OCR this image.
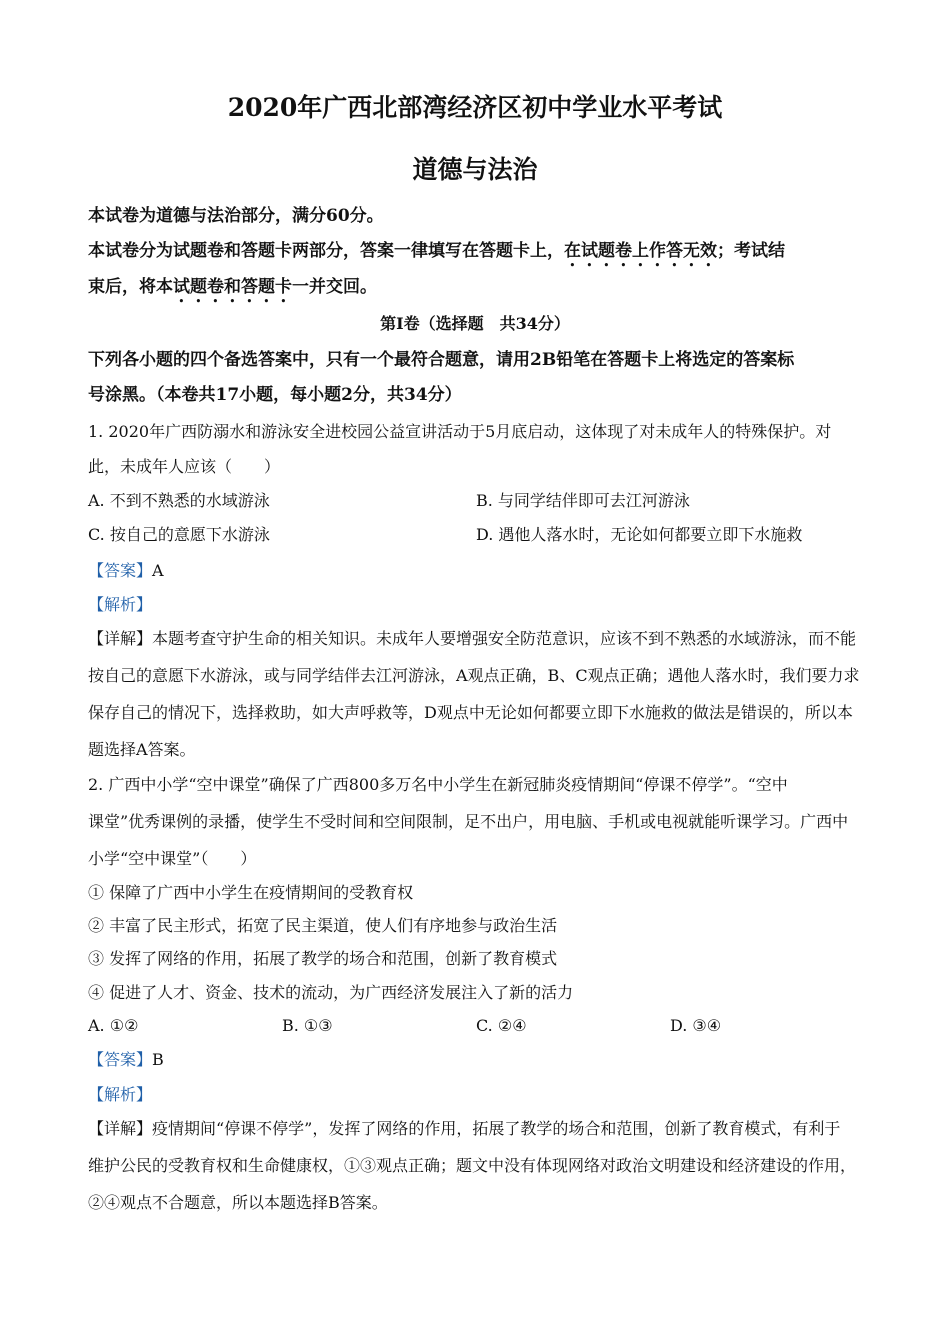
2020年广西北部湾经济区初中学业水平考试
道德与法治
本试卷为道德与法治部分，满分60分。
本试卷分为试题卷和答题卡两部分，答案一律填写在答题卡上，在试题卷上作答无效；考试结
束后，将本试题卷和答题卡一并交回。
第Ⅰ卷（选择题　共34分）
下列各小题的四个备选答案中，只有一个最符合题意，请用2B铅笔在答题卡上将选定的答案标
号涂黑。（本卷共17小题，每小题2分，共34分）
1. 2020年广西防溺水和游泳安全进校园公益宣讲活动于5月底启动，这体现了对未成年人的特殊保护。对
此，未成年人应该（　　）
A. 不到不熟悉的水域游泳	B. 与同学结伴即可去江河游泳
C. 按自己的意愿下水游泳	D. 遇他人落水时，无论如何都要立即下水施救
【答案】A
【解析】
【详解】本题考查守护生命的相关知识。未成年人要增强安全防范意识，应该不到不熟悉的水域游泳，而不能
按自己的意愿下水游泳，或与同学结伴去江河游泳，A观点正确，B、C观点正确；遇他人落水时，我们要力求
保存自己的情况下，选择救助，如大声呼救等，D观点中无论如何都要立即下水施救的做法是错误的，所以本
题选择A答案。
2. 广西中小学“空中课堂”确保了广西800多万名中小学生在新冠肺炎疫情期间“停课不停学”。“空中
课堂”优秀课例的录播，使学生不受时间和空间限制，足不出户，用电脑、手机或电视就能听课学习。广西中
小学“空中课堂”（　　）
① 保障了广西中小学生在疫情期间的受教育权
② 丰富了民主形式，拓宽了民主渠道，使人们有序地参与政治生活
③ 发挥了网络的作用，拓展了教学的场合和范围，创新了教育模式
④ 促进了人才、资金、技术的流动，为广西经济发展注入了新的活力
A. ①②	B. ①③	C. ②④	D. ③④
【答案】B
【解析】
【详解】疫情期间“停课不停学”，发挥了网络的作用，拓展了教学的场合和范围，创新了教育模式，有利于
维护公民的受教育权和生命健康权，①③观点正确；题文中没有体现网络对政治文明建设和经济建设的作用，
②④观点不合题意，所以本题选择B答案。
